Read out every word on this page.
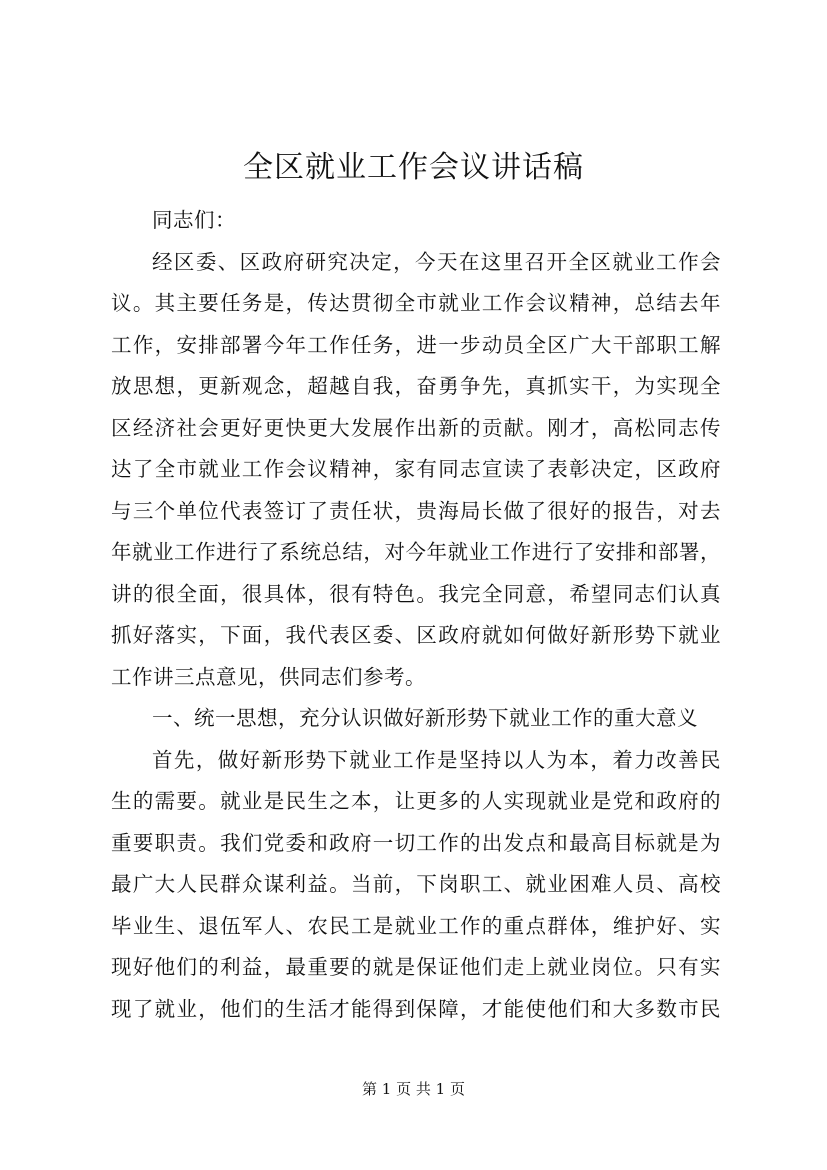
全区就业工作会议讲话稿
同志们：
经区委、区政府研究决定，今天在这里召开全区就业工作会
议。其主要任务是，传达贯彻全市就业工作会议精神，总结去年
工作，安排部署今年工作任务，进一步动员全区广大干部职工解
放思想，更新观念，超越自我，奋勇争先，真抓实干，为实现全
区经济社会更好更快更大发展作出新的贡献。刚才，高松同志传
达了全市就业工作会议精神，家有同志宣读了表彰决定，区政府
与三个单位代表签订了责任状，贵海局长做了很好的报告，对去
年就业工作进行了系统总结，对今年就业工作进行了安排和部署，
讲的很全面，很具体，很有特色。我完全同意，希望同志们认真
抓好落实，下面，我代表区委、区政府就如何做好新形势下就业
工作讲三点意见，供同志们参考。
一、统一思想，充分认识做好新形势下就业工作的重大意义
首先，做好新形势下就业工作是坚持以人为本，着力改善民
生的需要。就业是民生之本，让更多的人实现就业是党和政府的
重要职责。我们党委和政府一切工作的出发点和最高目标就是为
最广大人民群众谋利益。当前，下岗职工、就业困难人员、高校
毕业生、退伍军人、农民工是就业工作的重点群体，维护好、实
现好他们的利益，最重要的就是保证他们走上就业岗位。只有实
现了就业，他们的生活才能得到保障，才能使他们和大多数市民
第 1 页 共 1 页
